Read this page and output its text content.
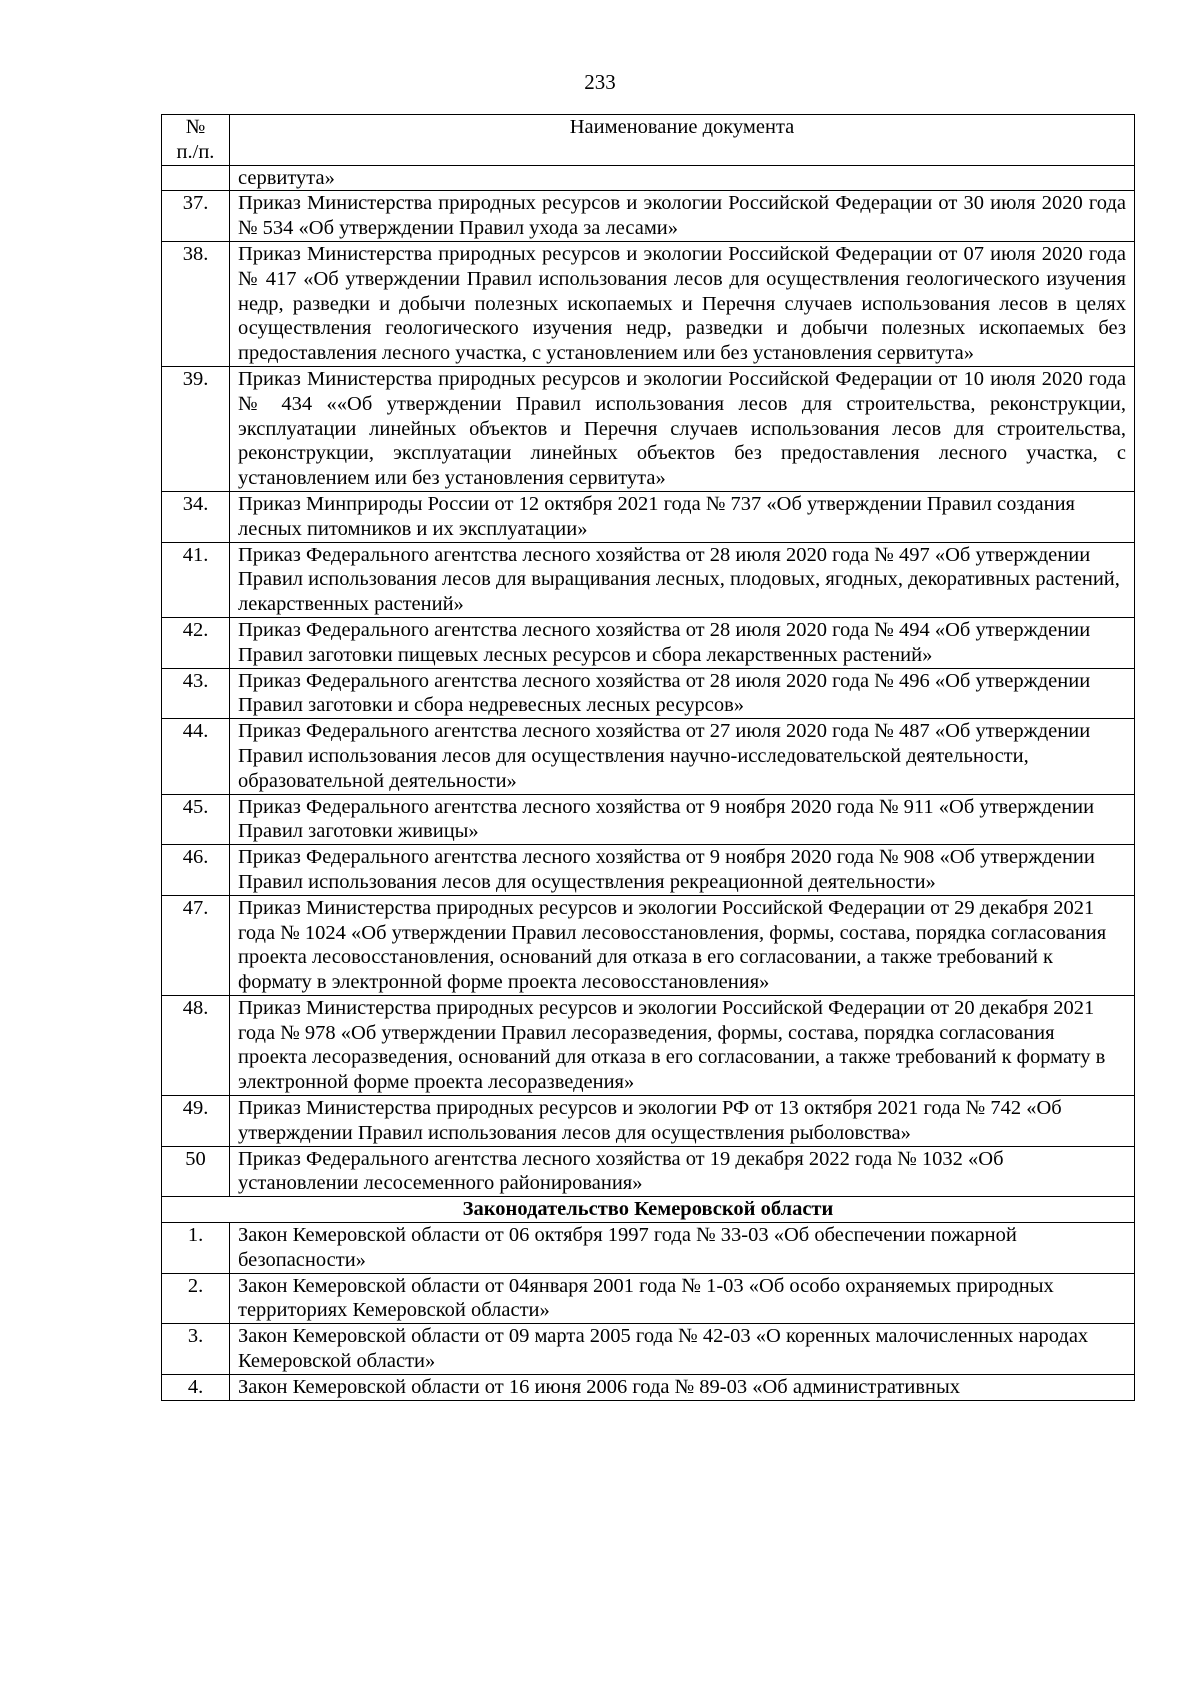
233
№
п./п.	Наименование документа
	сервитута»
37.	Приказ Министерства природных ресурсов и экологии Российской Федерации от 30 июля 2020 года № 534 «Об утверждении Правил ухода за лесами»
38.	Приказ Министерства природных ресурсов и экологии Российской Федерации от 07 июля 2020 года № 417 «Об утверждении Правил использования лесов для осуществления геологического изучения недр, разведки и добычи полезных ископаемых и Перечня случаев использования лесов в целях осуществления геологического изучения недр, разведки и добычи полезных ископаемых без предоставления лесного участка, с установлением или без установления сервитута»
39.	Приказ Министерства природных ресурсов и экологии Российской Федерации от 10 июля 2020 года № 434 ««Об утверждении Правил использования лесов для строительства, реконструкции, эксплуатации линейных объектов и Перечня случаев использования лесов для строительства, реконструкции, эксплуатации линейных объектов без предоставления лесного участка, с установлением или без установления сервитута»
34.	Приказ Минприроды России от 12 октября 2021 года № 737 «Об утверждении Правил создания лесных питомников и их эксплуатации»
41.	Приказ Федерального агентства лесного хозяйства от 28 июля 2020 года № 497 «Об утверждении Правил использования лесов для выращивания лесных, плодовых, ягодных, декоративных растений, лекарственных растений»
42.	Приказ Федерального агентства лесного хозяйства от 28 июля 2020 года № 494 «Об утверждении Правил заготовки пищевых лесных ресурсов и сбора лекарственных растений»
43.	Приказ Федерального агентства лесного хозяйства от 28 июля 2020 года № 496 «Об утверждении Правил заготовки и сбора недревесных лесных ресурсов»
44.	Приказ Федерального агентства лесного хозяйства от 27 июля 2020 года № 487 «Об утверждении Правил использования лесов для осуществления научно-исследовательской деятельности, образовательной деятельности»
45.	Приказ Федерального агентства лесного хозяйства от 9 ноября 2020 года № 911 «Об утверждении Правил заготовки живицы»
46.	Приказ Федерального агентства лесного хозяйства от 9 ноября 2020 года № 908 «Об утверждении Правил использования лесов для осуществления рекреационной деятельности»
47.	Приказ Министерства природных ресурсов и экологии Российской Федерации от 29 декабря 2021 года № 1024 «Об утверждении Правил лесовосстановления, формы, состава, порядка согласования проекта лесовосстановления, оснований для отказа в его согласовании, а также требований к формату в электронной форме проекта лесовосстановления»
48.	Приказ Министерства природных ресурсов и экологии Российской Федерации от 20 декабря 2021 года № 978 «Об утверждении Правил лесоразведения, формы, состава, порядка согласования проекта лесоразведения, оснований для отказа в его согласовании, а также требований к формату в электронной форме проекта лесоразведения»
49.	Приказ Министерства природных ресурсов и экологии РФ от 13 октября 2021 года № 742 «Об утверждении Правил использования лесов для осуществления рыболовства»
50	Приказ Федерального агентства лесного хозяйства от 19 декабря 2022 года № 1032 «Об установлении лесосеменного районирования»
Законодательство Кемеровской области	
1.	Закон Кемеровской области от 06 октября 1997 года № 33-03 «Об обеспечении пожарной безопасности»
2.	Закон Кемеровской области от 04января 2001 года № 1-03 «Об особо охраняемых природных территориях Кемеровской области»
3.	Закон Кемеровской области от 09 марта 2005 года № 42-03 «О коренных малочисленных народах Кемеровской области»
4.	Закон Кемеровской области от 16 июня 2006 года № 89-03 «Об административных
